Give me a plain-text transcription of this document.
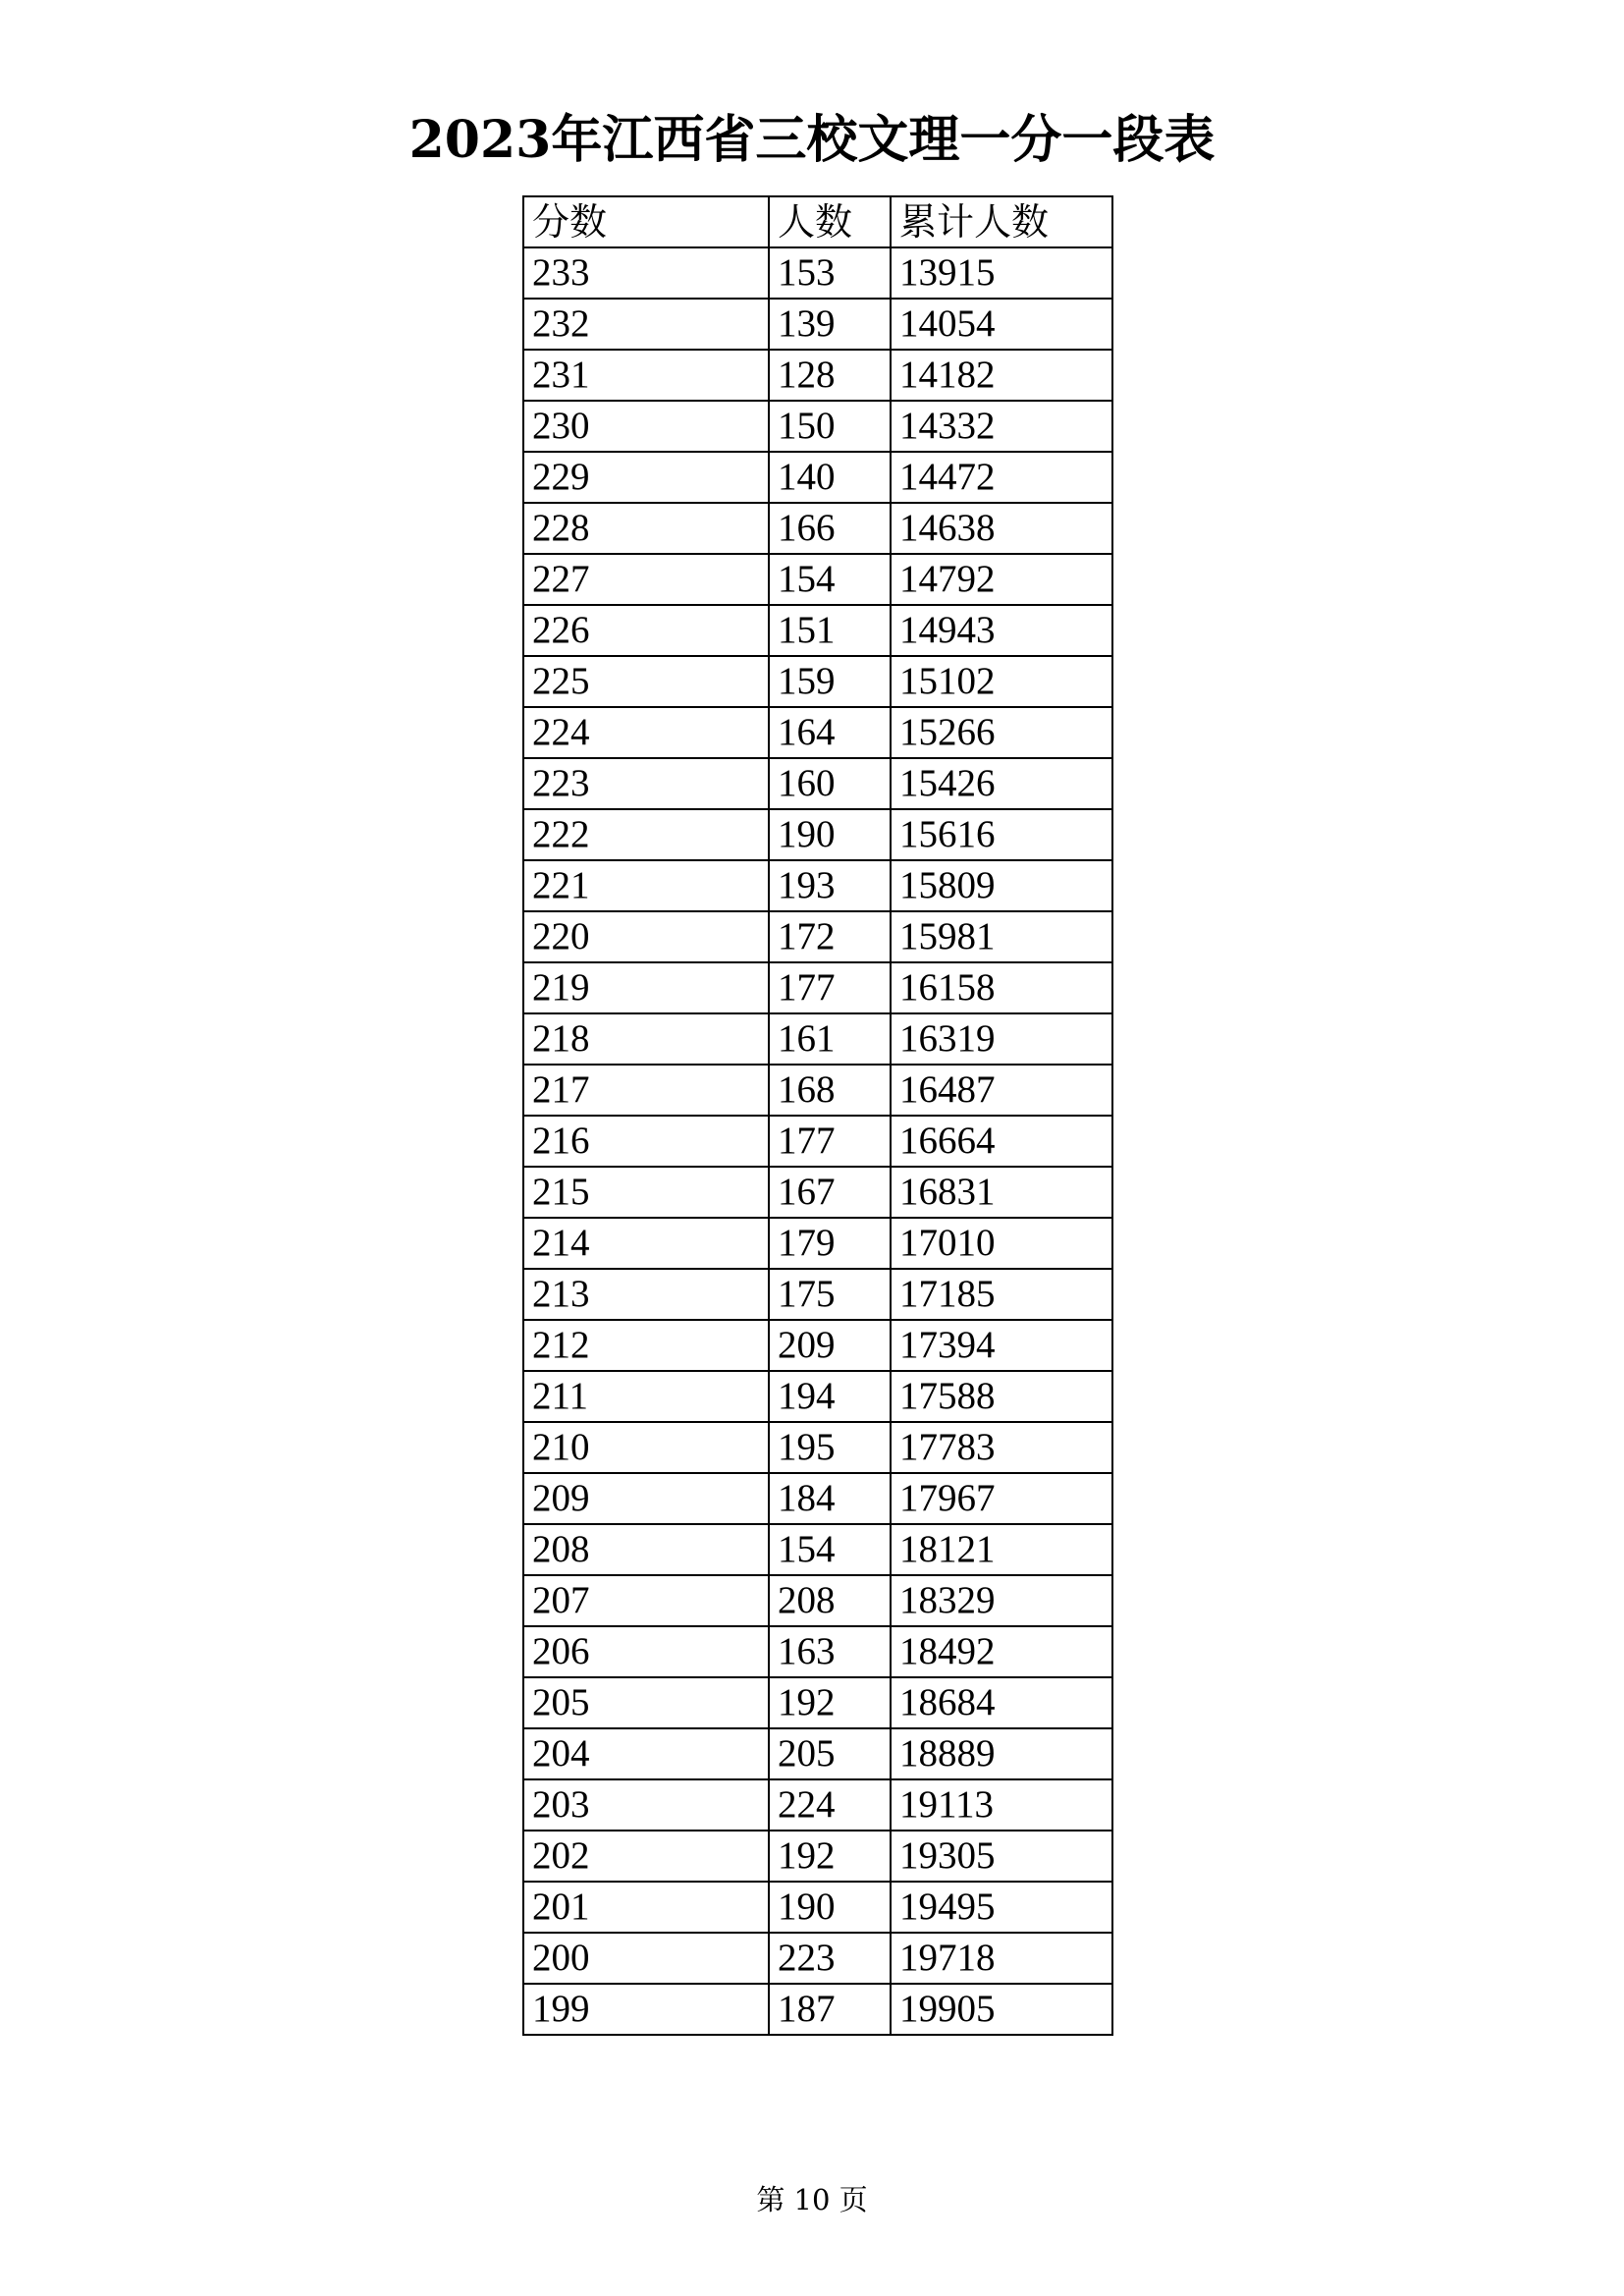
2023年江西省三校文理一分一段表
分数	人数	累计人数
233	153	13915
232	139	14054
231	128	14182
230	150	14332
229	140	14472
228	166	14638
227	154	14792
226	151	14943
225	159	15102
224	164	15266
223	160	15426
222	190	15616
221	193	15809
220	172	15981
219	177	16158
218	161	16319
217	168	16487
216	177	16664
215	167	16831
214	179	17010
213	175	17185
212	209	17394
211	194	17588
210	195	17783
209	184	17967
208	154	18121
207	208	18329
206	163	18492
205	192	18684
204	205	18889
203	224	19113
202	192	19305
201	190	19495
200	223	19718
199	187	19905
第 10 页
